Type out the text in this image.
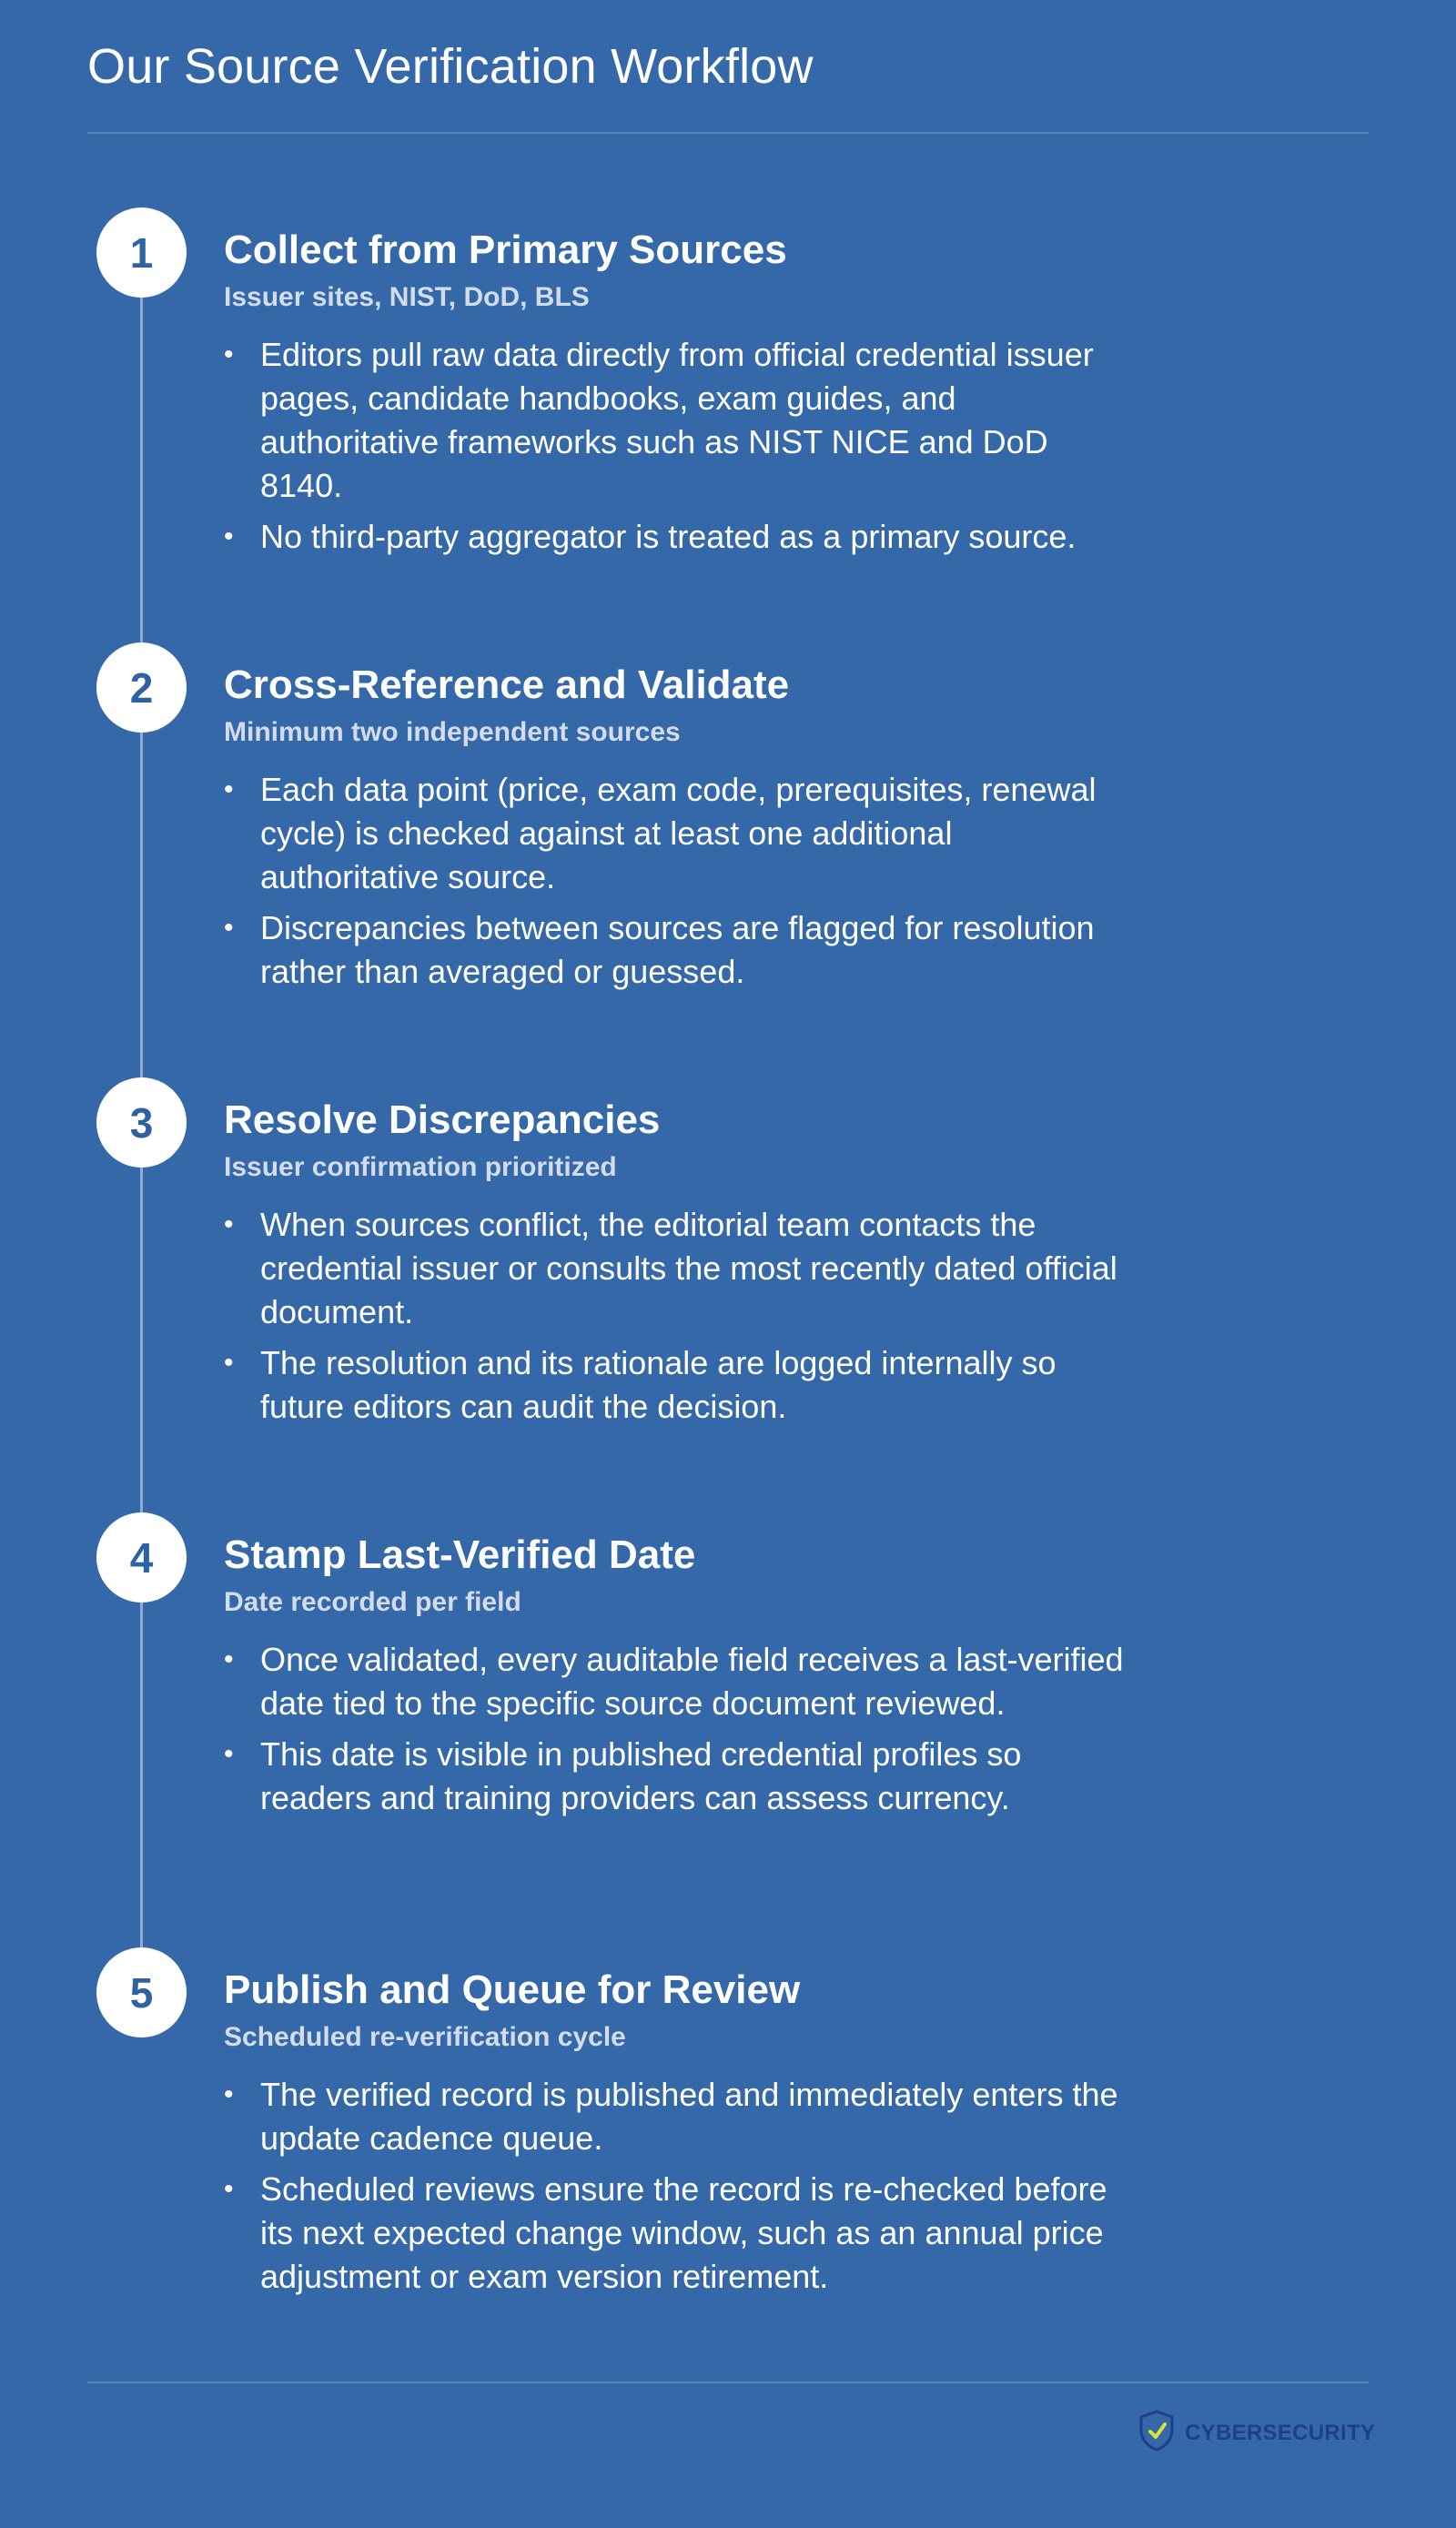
Our Source Verification Workflow
1	Collect from Primary Sources
Issuer sites, NIST, DoD, BLS
• Editors pull raw data directly from official credential issuer pages, candidate handbooks, exam guides, and authoritative frameworks such as NIST NICE and DoD 8140.
• No third-party aggregator is treated as a primary source.
2	Cross-Reference and Validate
Minimum two independent sources
• Each data point (price, exam code, prerequisites, renewal cycle) is checked against at least one additional authoritative source.
• Discrepancies between sources are flagged for resolution rather than averaged or guessed.
3	Resolve Discrepancies
Issuer confirmation prioritized
• When sources conflict, the editorial team contacts the credential issuer or consults the most recently dated official document.
• The resolution and its rationale are logged internally so future editors can audit the decision.
4	Stamp Last-Verified Date
Date recorded per field
• Once validated, every auditable field receives a last-verified date tied to the specific source document reviewed.
• This date is visible in published credential profiles so readers and training providers can assess currency.
5	Publish and Queue for Review
Scheduled re-verification cycle
• The verified record is published and immediately enters the update cadence queue.
• Scheduled reviews ensure the record is re-checked before its next expected change window, such as an annual price adjustment or exam version retirement.
CYBERSECURITY
